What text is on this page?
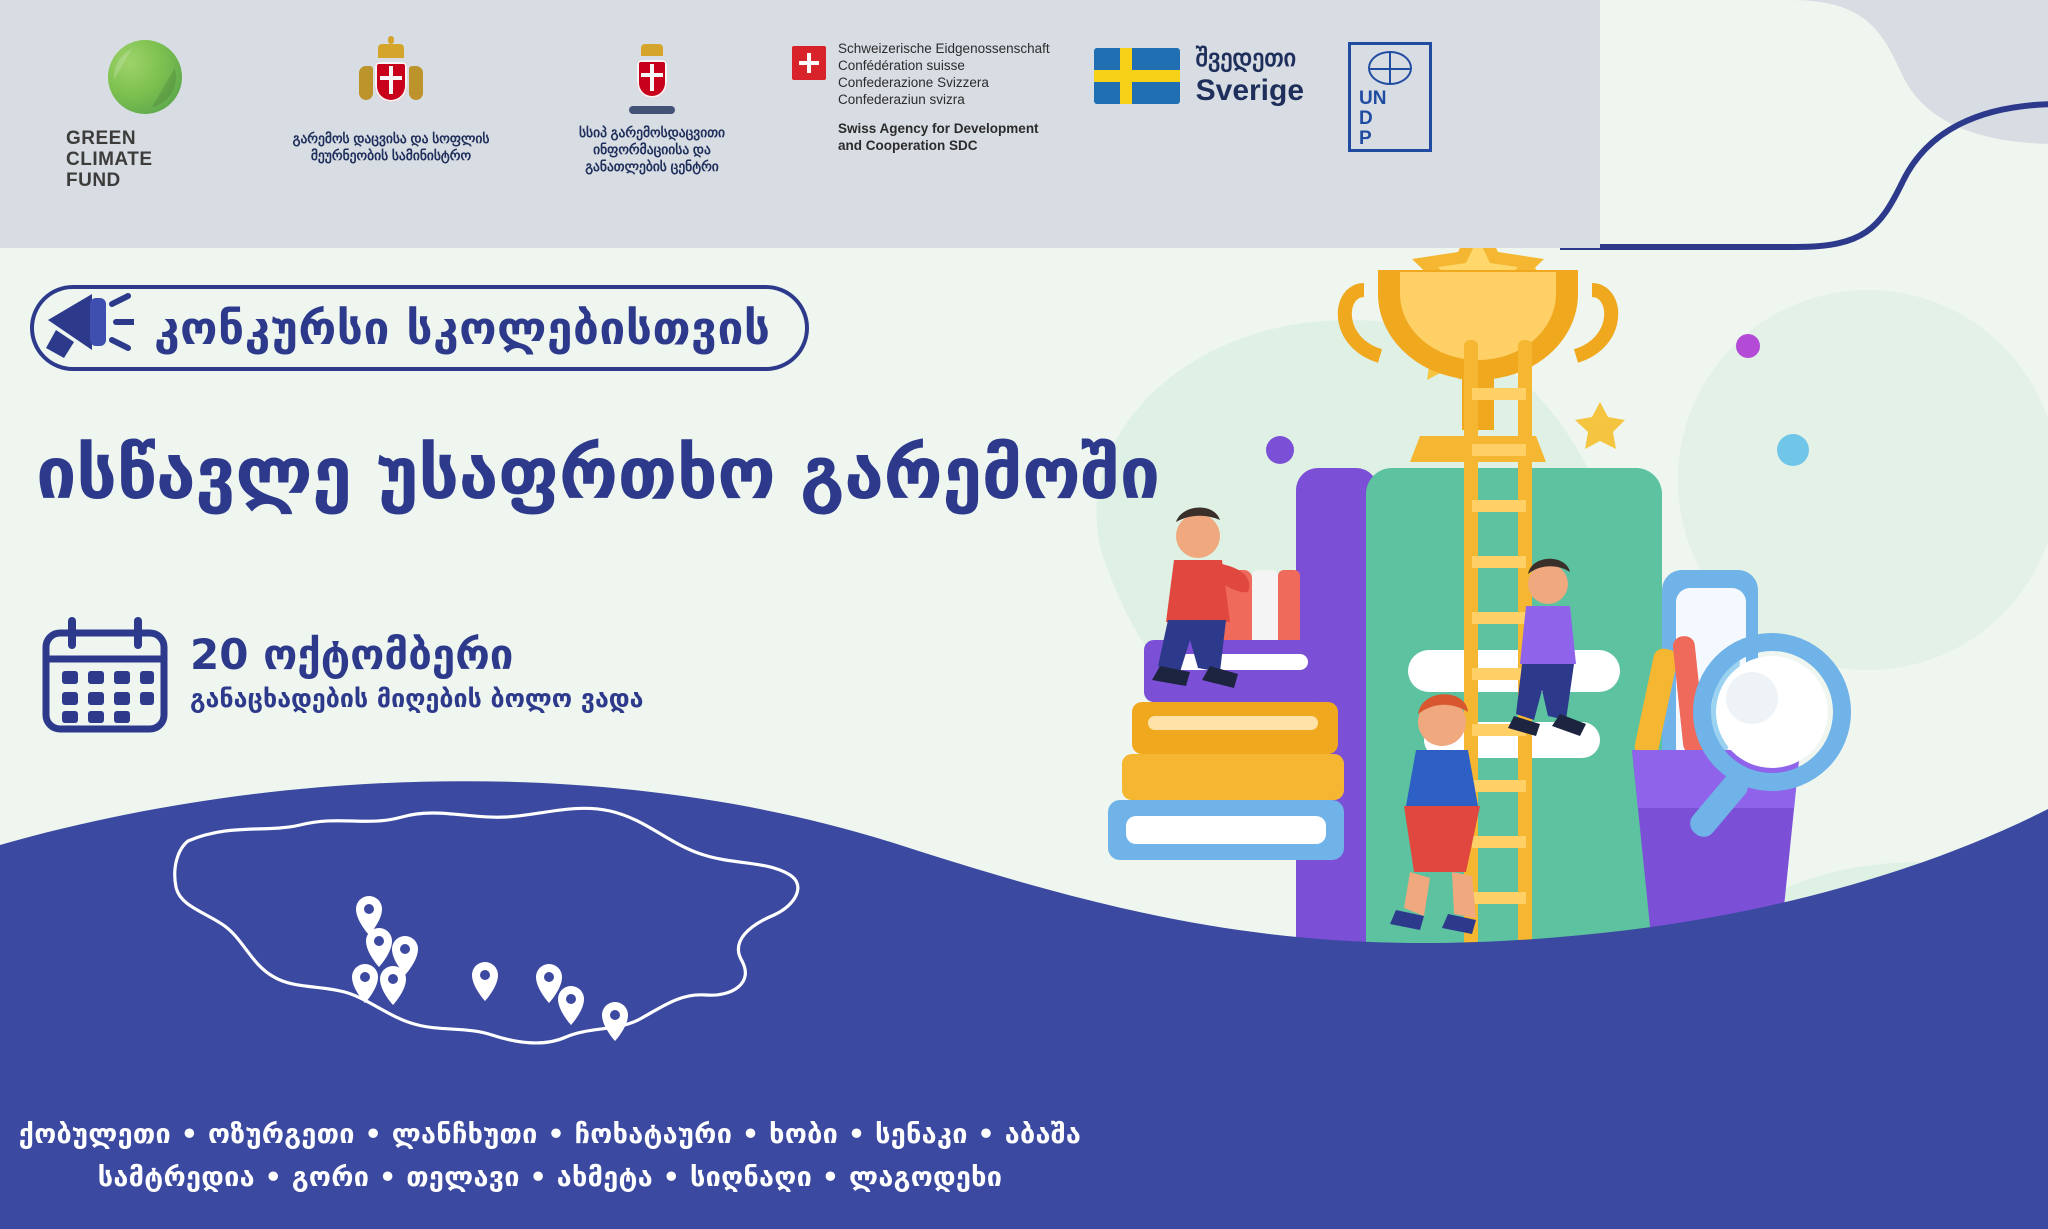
GREEN
CLIMATE
FUND
გარემოს დაცვისა და სოფლის
მეურნეობის სამინისტრო
სსიპ გარემოსდაცვითი
ინფორმაციისა და
განათლების ცენტრი
Schweizerische Eidgenossenschaft
Confédération suisse
Confederazione Svizzera
Confederaziun svizra
Swiss Agency for Development
and Cooperation SDC
შვედეთი
Sverige	UN
D
P
კონკურსი სკოლებისთვის
ისწავლე უსაფრთხო გარემოში
20 ოქტომბერი
განაცხადების მიღების ბოლო ვადა
ქობულეთი • ოზურგეთი • ლანჩხუთი • ჩოხატაური • ხობი • სენაკი • აბაშა
სამტრედია • გორი • თელავი • ახმეტა • სიღნაღი • ლაგოდეხი
